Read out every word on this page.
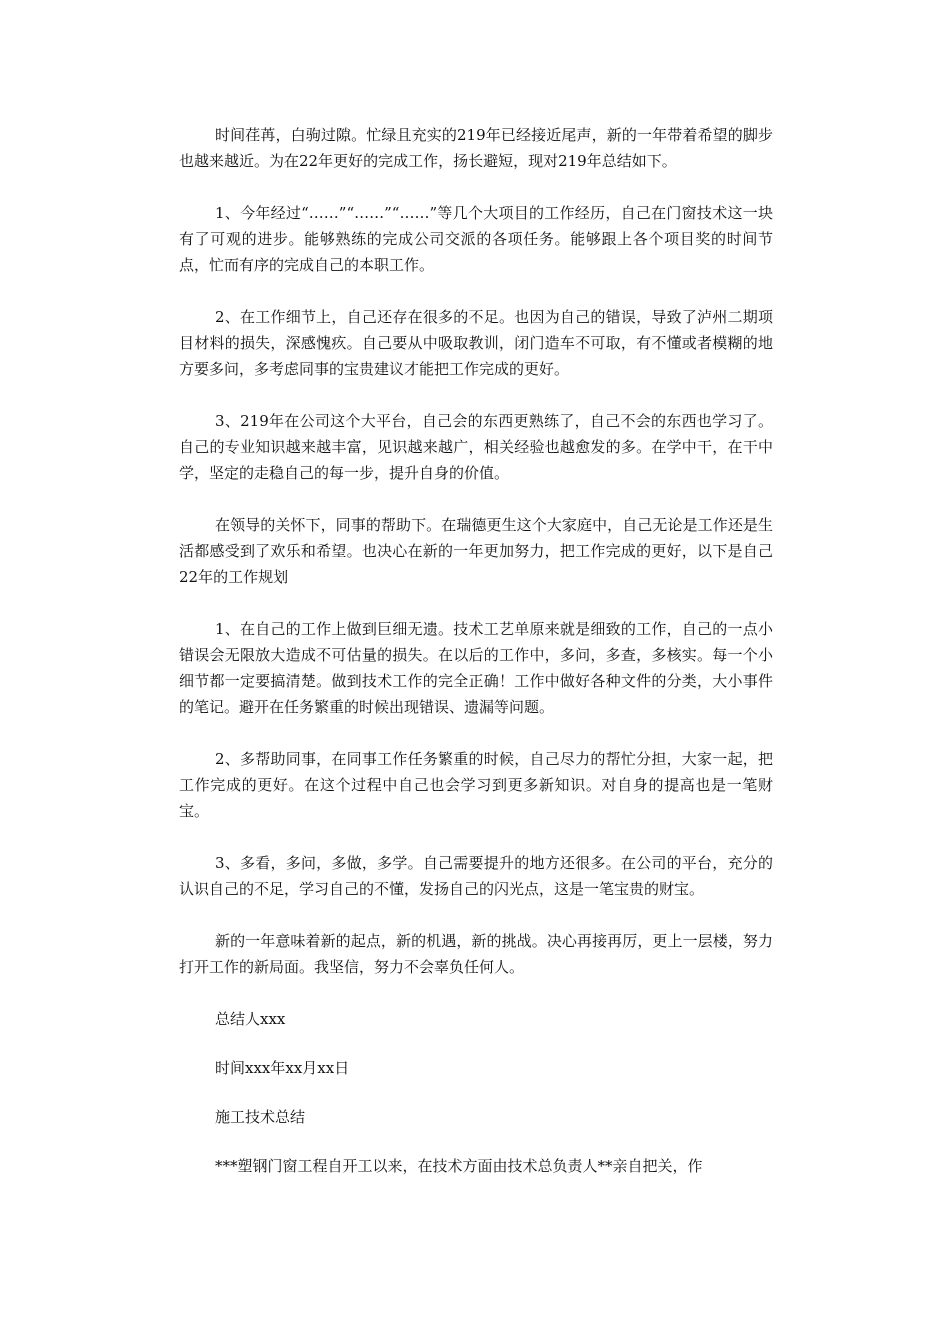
时间荏苒，白驹过隙。忙绿且充实的219年已经接近尾声，新的一年带着希望的脚步也越来越近。为在22年更好的完成工作，扬长避短，现对219年总结如下。

1、今年经过“……”“……”“……”等几个大项目的工作经历，自己在门窗技术这一块有了可观的进步。能够熟练的完成公司交派的各项任务。能够跟上各个项目奖的时间节点，忙而有序的完成自己的本职工作。

2、在工作细节上，自己还存在很多的不足。也因为自己的错误，导致了泸州二期项目材料的损失，深感愧疚。自己要从中吸取教训，闭门造车不可取，有不懂或者模糊的地方要多问，多考虑同事的宝贵建议才能把工作完成的更好。

3、219年在公司这个大平台，自己会的东西更熟练了，自己不会的东西也学习了。自己的专业知识越来越丰富，见识越来越广，相关经验也越愈发的多。在学中干，在干中学，坚定的走稳自己的每一步，提升自身的价值。

在领导的关怀下，同事的帮助下。在瑞德更生这个大家庭中，自己无论是工作还是生活都感受到了欢乐和希望。也决心在新的一年更加努力，把工作完成的更好，以下是自己22年的工作规划

1、在自己的工作上做到巨细无遗。技术工艺单原来就是细致的工作，自己的一点小错误会无限放大造成不可估量的损失。在以后的工作中，多问，多查，多核实。每一个小细节都一定要搞清楚。做到技术工作的完全正确！工作中做好各种文件的分类，大小事件的笔记。避开在任务繁重的时候出现错误、遗漏等问题。

2、多帮助同事，在同事工作任务繁重的时候，自己尽力的帮忙分担，大家一起，把工作完成的更好。在这个过程中自己也会学习到更多新知识。对自身的提高也是一笔财宝。

3、多看，多问，多做，多学。自己需要提升的地方还很多。在公司的平台，充分的认识自己的不足，学习自己的不懂，发扬自己的闪光点，这是一笔宝贵的财宝。

新的一年意味着新的起点，新的机遇，新的挑战。决心再接再厉，更上一层楼，努力打开工作的新局面。我坚信，努力不会辜负任何人。

总结人xxx

时间xxx年xx月xx日

施工技术总结

***塑钢门窗工程自开工以来，在技术方面由技术总负责人**亲自把关，作
